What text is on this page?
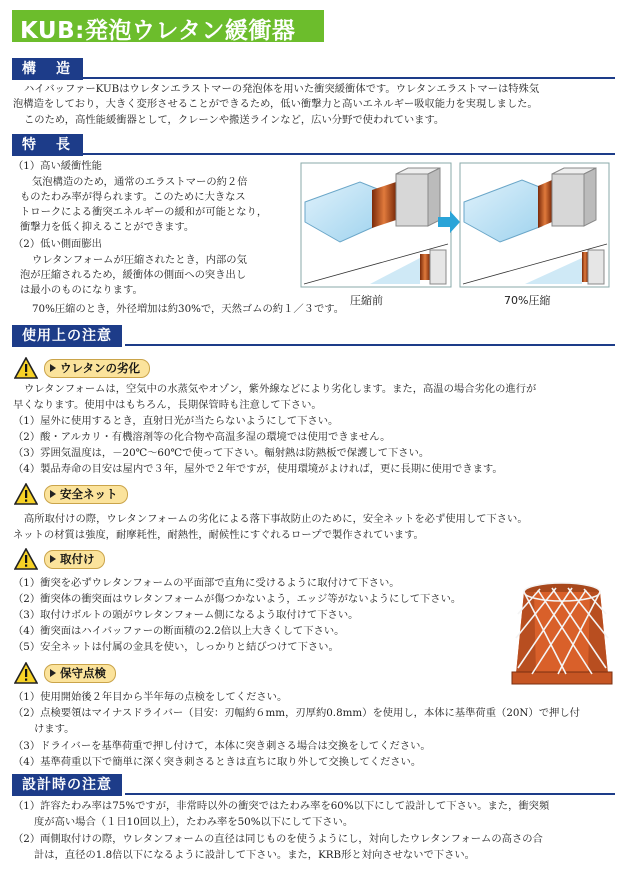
KUB:発泡ウレタン緩衝器
構　造
ハイバッファーKUBはウレタンエラストマーの発泡体を用いた衝突緩衝体です。ウレタンエラストマーは特殊気
泡構造をしており，大きく変形させることができるため，低い衝撃力と高いエネルギー吸収能力を実現しました。
このため，高性能緩衝器として，クレーンや搬送ラインなど，広い分野で使われています。
特　長
（1）高い緩衝性能
気泡構造のため，通常のエラストマーの約２倍
ものたわみ率が得られます。このために大きなス
トロークによる衝突エネルギーの緩和が可能となり，
衝撃力を低く抑えることができます。
（2）低い側面膨出
ウレタンフォームが圧縮されたとき，内部の気
泡が圧縮されるため，緩衝体の側面への突き出し
は最小のものになります。
70%圧縮のとき，外径増加は約30%で，天然ゴムの約１／３です。
圧縮前	70%圧縮
使用上の注意
ウレタンの劣化
ウレタンフォームは，空気中の水蒸気やオゾン，紫外線などにより劣化します。また，高温の場合劣化の進行が
早くなります。使用中はもちろん，長期保管時も注意して下さい。
（1）屋外に使用するとき，直射日光が当たらないようにして下さい。
（2）酸・アルカリ・有機溶剤等の化合物や高温多湿の環境では使用できません。
（3）雰囲気温度は，－20℃～60℃で使って下さい。輻射熱は防熱板で保護して下さい。
（4）製品寿命の目安は屋内で３年，屋外で２年ですが，使用環境がよければ，更に長期に使用できます。
安全ネット
高所取付けの際，ウレタンフォームの劣化による落下事故防止のために，安全ネットを必ず使用して下さい。
ネットの材質は強度，耐摩耗性，耐熱性，耐候性にすぐれるロープで製作されています。
取付け
（1）衝突を必ずウレタンフォームの平面部で直角に受けるように取付けて下さい。
（2）衝突体の衝突面はウレタンフォームが傷つかないよう，エッジ等がないようにして下さい。
（3）取付けボルトの頭がウレタンフォーム側になるよう取付けて下さい。
（4）衝突面はハイバッファーの断面積の2.2倍以上大きくして下さい。
（5）安全ネットは付属の金具を使い，しっかりと結びつけて下さい。
保守点検
（1）使用開始後２年目から半年毎の点検をしてください。
（2）点検要領はマイナスドライバー（目安：刃幅約６mm，刃厚約0.8mm）を使用し，本体に基準荷重（20N）で押し付
けます。
（3）ドライバーを基準荷重で押し付けて，本体に突き刺さる場合は交換をしてください。
（4）基準荷重以下で簡単に深く突き刺さるときは直ちに取り外して交換してください。
設計時の注意
（1）許容たわみ率は75%ですが，非常時以外の衝突ではたわみ率を60%以下にして設計して下さい。また，衝突頻
度が高い場合（１日10回以上），たわみ率を50%以下にして下さい。
（2）両側取付けの際，ウレタンフォームの直径は同じものを使うようにし，対向したウレタンフォームの高さの合
計は，直径の1.8倍以下になるように設計して下さい。また，KRB形と対向させないで下さい。
